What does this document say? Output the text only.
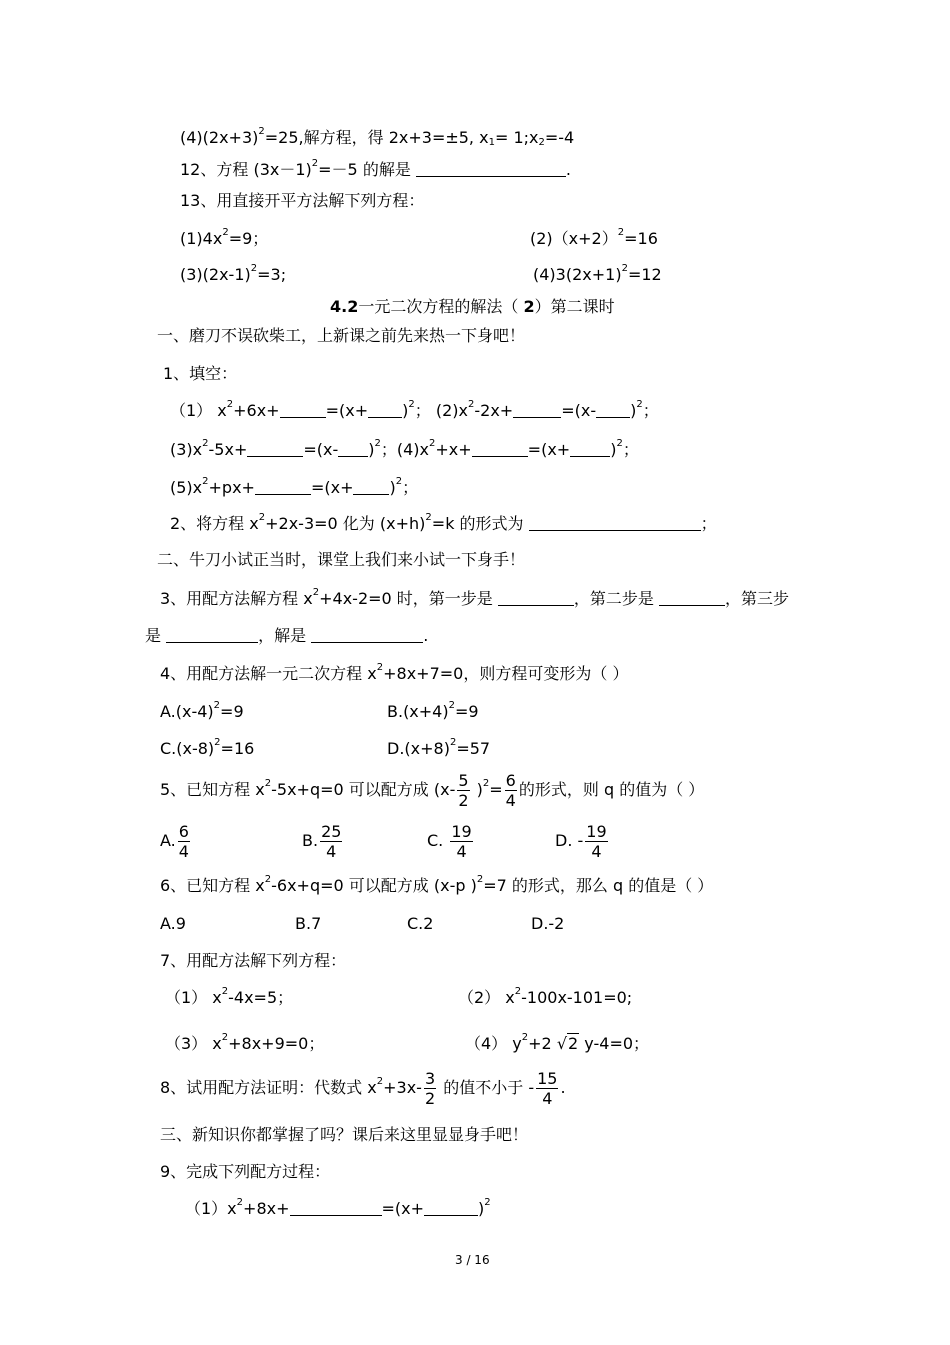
$(4)(2x+3)^2=25$,解方程，得 2x+3=±5, $x_1=$ $1;x_2=-4$
12、方程 $(3x-1)^2=-5$ 的解是	.
13、用直接开平方法解下列方程：
$(1)4x^2=9$；	$(2)(x+2)^2=16$
$(3)(2x-1)^2=3$;	$(4)3(2x+1)^2=12$
4.2一元二次方程的解法（ 2）第二课时
一、磨刀不误砍柴工，上新课之前先来热一下身吧！
1、填空：
（1） $x^2+6x+$	$=(x+ )^2$； $(2)x^2-2x+$	=(x- )$^2$；
$(3)x^2-5x+$	=(x- )$^2$；$(4)x^2+x+$	=(x+	)$^2$；
$(5)x^2+px+$	$=(x+ )^2$；
2、将方程 $x^2+2x-3=0$ 化为 $(x+h)^2=k$ 的形式为	；
二、牛刀小试正当时，课堂上我们来小试一下身手！
3、用配方法解方程 $x^2+4x-2=0$ 时，第一步是	，第二步是	，第三步
是	，解是	.
4、用配方法解一元二次方程 $x^2+8x+7=0$，则方程可变形为（ ）
$A.(x-4)^2=9$	$B.(x+4)^2=9$
$C.(x-8)^2=16$	$D.(x+8)^2=57$
5、已知方程 $x^2-5x+q=0$ 可以配方成 $(x- \frac{5}{2} )^2= \frac{6}{4}$ 的形式，则 q 的值为（ ）
A. $\frac{6}{4}$	B. $\frac{25}{4}$	C. $\frac{19}{4}$	D. - $\frac{19}{4}$
6、已知方程 $x^2-6x+q=0$ 可以配方成 (x-p )$^2$=7 的形式，那么 q 的值是（ ）
A.9	B.7	C.2	D.-2
7、用配方法解下列方程：
（1） $x^2-4x=5$；	（2） $x^2-100x-101=0$;
（3） $x^2+8x+9=0$；	（4） $y^2+2$ √2 y-4=0；
8、试用配方法证明：代数式 $x^2+3x- \frac{3}{2}$ 的值不小于 - $\frac{15}{4}$ .
三、新知识你都掌握了吗？课后来这里显显身手吧！
9、完成下列配方过程：
$(1)x^2+8x+$	=(x+	)$^2$
3 / 16
